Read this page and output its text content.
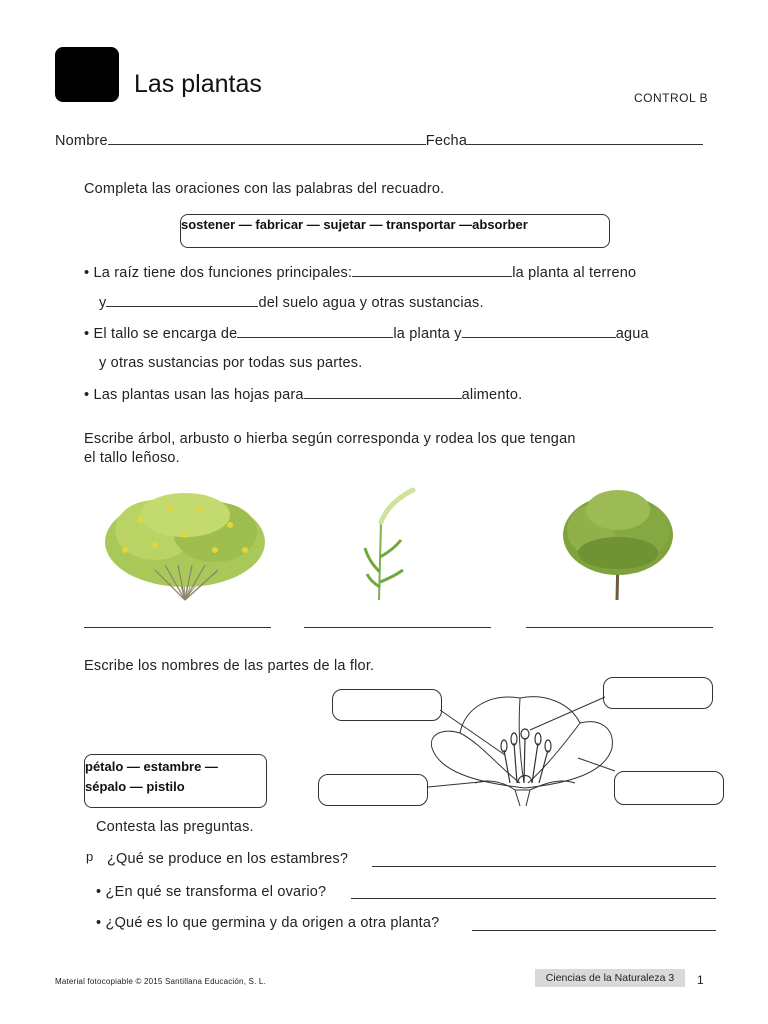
Las plantas	CONTROL B
Nombre	Fecha
Completa las oraciones con las palabras del recuadro.
sostener — fabricar — sujetar — transportar —absorber
• La raíz tiene dos funciones principales:	la planta al terreno
y	del suelo agua y otras sustancias.
• El tallo se encarga de	la planta y	agua
y otras sustancias por todas sus partes.
• Las plantas usan las hojas para	alimento.
Escribe árbol, arbusto o hierba según corresponda y rodea los que tengan
el tallo leñoso.
Escribe los nombres de las partes de la flor.
pétalo — estambre —
sépalo — pistilo
Contesta las preguntas.
p ¿Qué se produce en los estambres?
• ¿En qué se transforma el ovario?
• ¿Qué es lo que germina y da origen a otra planta?
Material fotocopiable © 2015 Santillana Educación, S. L.	Ciencias de la Naturaleza 3	1
